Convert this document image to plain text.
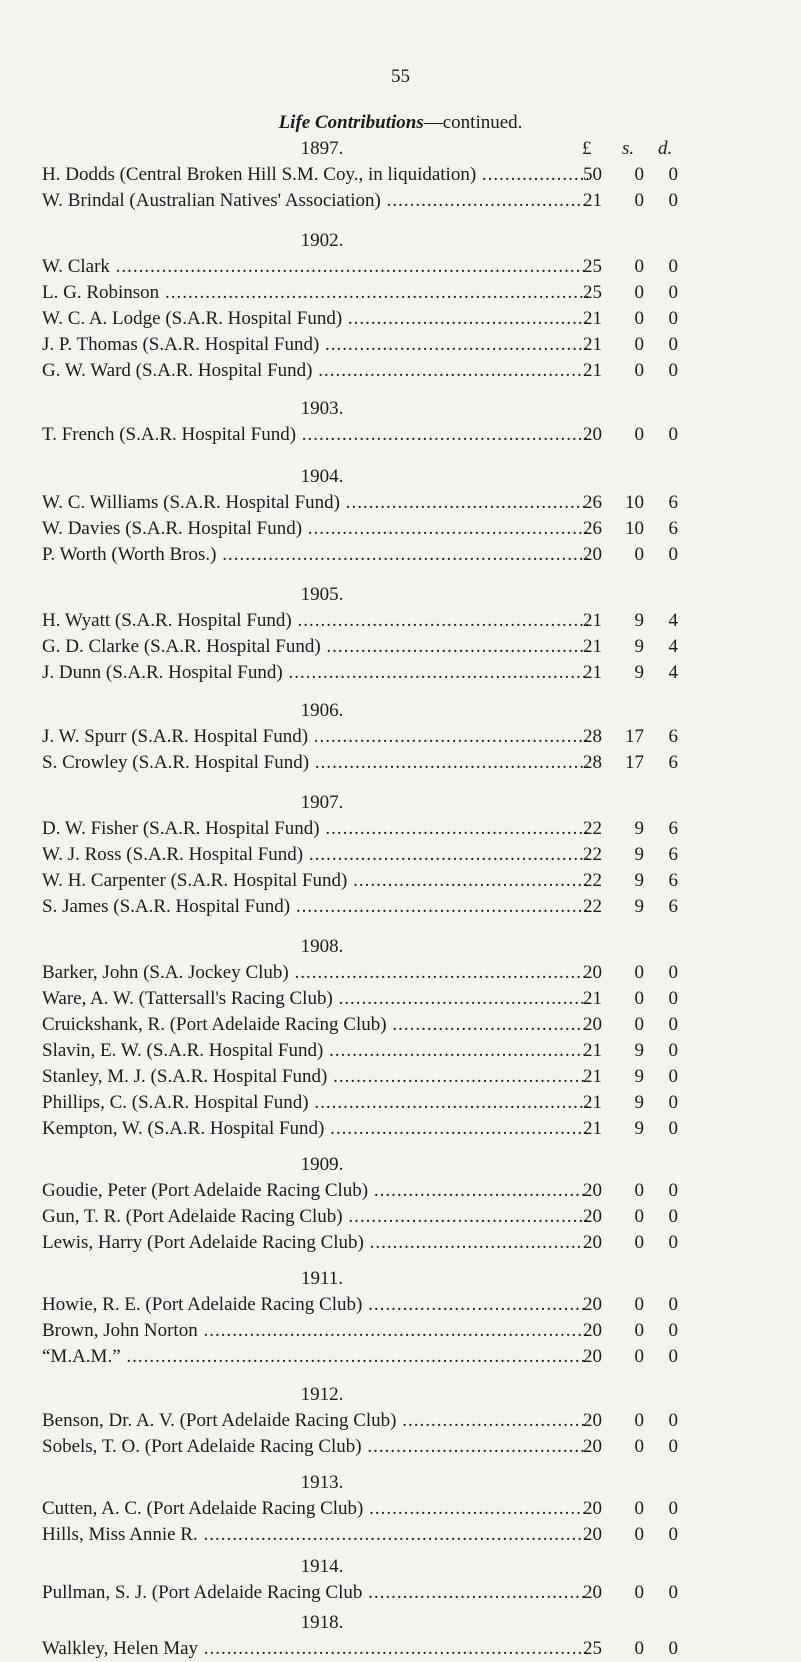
55
Life Contributions—continued.
1897.	£ s. d.
H. Dodds (Central Broken Hill S.M. Coy., in liquidation) .....	50	0	0
W. Brindal (Australian Natives' Association) .....	21	0	0
1902.
W. Clark .....	25	0	0
L. G. Robinson .....	25	0	0
W. C. A. Lodge (S.A.R. Hospital Fund) .....	21	0	0
J. P. Thomas (S.A.R. Hospital Fund) .....	21	0	0
G. W. Ward (S.A.R. Hospital Fund) .....	21	0	0
1903.
T. French (S.A.R. Hospital Fund) .....	20	0	0
1904.
W. C. Williams (S.A.R. Hospital Fund) .....	26	10	6
W. Davies (S.A.R. Hospital Fund) .....	26	10	6
P. Worth (Worth Bros.) .....	20	0	0
1905.
H. Wyatt (S.A.R. Hospital Fund) .....	21	9	4
G. D. Clarke (S.A.R. Hospital Fund) .....	21	9	4
J. Dunn (S.A.R. Hospital Fund) .....	21	9	4
1906.
J. W. Spurr (S.A.R. Hospital Fund) .....	28	17	6
S. Crowley (S.A.R. Hospital Fund) .....	28	17	6
1907.
D. W. Fisher (S.A.R. Hospital Fund) .....	22	9	6
W. J. Ross (S.A.R. Hospital Fund) .....	22	9	6
W. H. Carpenter (S.A.R. Hospital Fund) .....	22	9	6
S. James (S.A.R. Hospital Fund) .....	22	9	6
1908.
Barker, John (S.A. Jockey Club) .....	20	0	0
Ware, A. W. (Tattersall's Racing Club) .....	21	0	0
Cruickshank, R. (Port Adelaide Racing Club) .....	20	0	0
Slavin, E. W. (S.A.R. Hospital Fund) .....	21	9	0
Stanley, M. J. (S.A.R. Hospital Fund) .....	21	9	0
Phillips, C. (S.A.R. Hospital Fund) .....	21	9	0
Kempton, W. (S.A.R. Hospital Fund) .....	21	9	0
1909.
Goudie, Peter (Port Adelaide Racing Club) .....	20	0	0
Gun, T. R. (Port Adelaide Racing Club) .....	20	0	0
Lewis, Harry (Port Adelaide Racing Club) .....	20	0	0
1911.
Howie, R. E. (Port Adelaide Racing Club) .....	20	0	0
Brown, John Norton .....	20	0	0
“M.A.M.” .....	20	0	0
1912.
Benson, Dr. A. V. (Port Adelaide Racing Club) .....	20	0	0
Sobels, T. O. (Port Adelaide Racing Club) .....	20	0	0
1913.
Cutten, A. C. (Port Adelaide Racing Club) .....	20	0	0
Hills, Miss Annie R. .....	20	0	0
1914.
Pullman, S. J. (Port Adelaide Racing Club .....	20	0	0
1918.
Walkley, Helen May .....	25	0	0
